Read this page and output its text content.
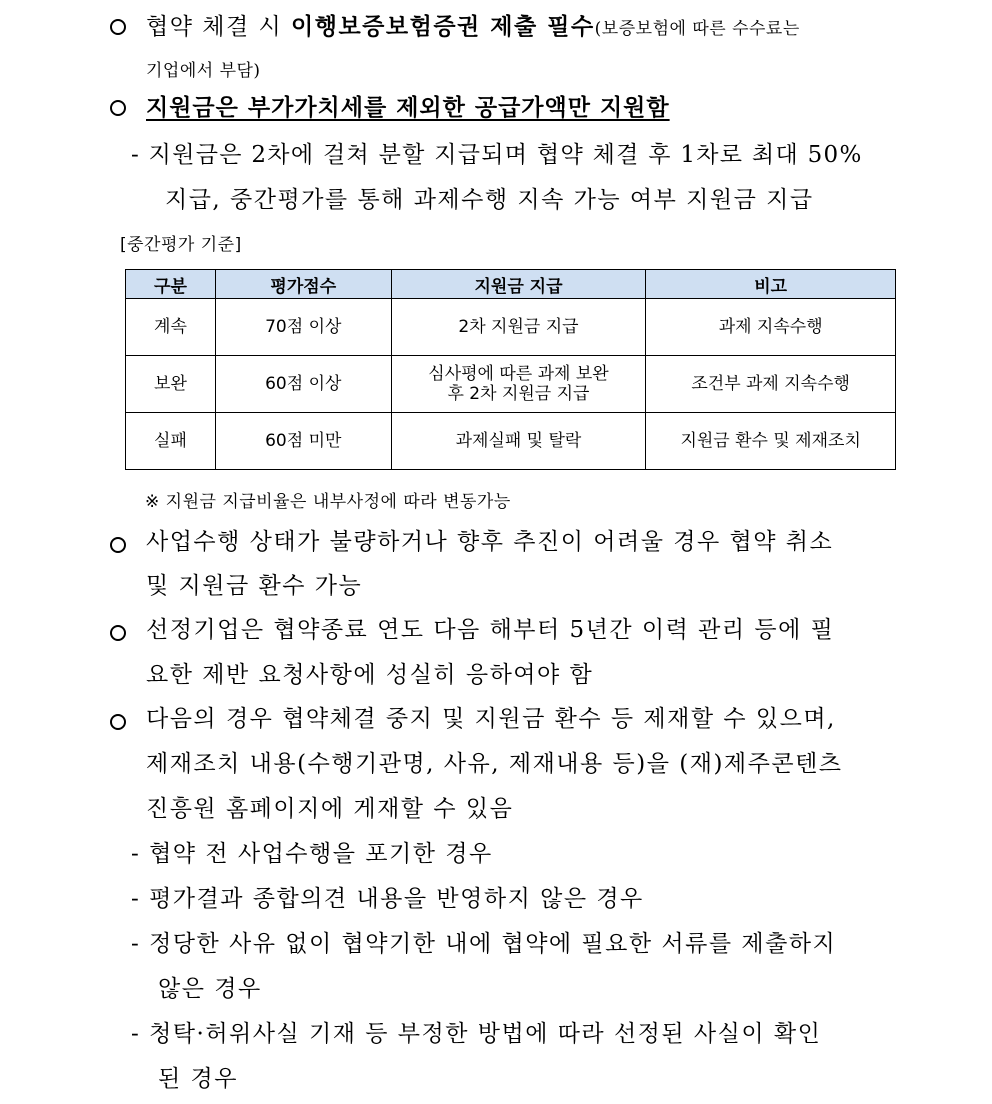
협약 체결 시 이행보증보험증권 제출 필수(보증보험에 따른 수수료는
기업에서 부담)
지원금은 부가가치세를 제외한 공급가액만 지원함
- 지원금은 2차에 걸쳐 분할 지급되며 협약 체결 후 1차로 최대 50%
지급, 중간평가를 통해 과제수행 지속 가능 여부 지원금 지급
[중간평가 기준]
구분	평가점수	지원금 지급	비고
계속	70점 이상	2차 지원금 지급	과제 지속수행
보완	60점 이상	심사평에 따른 과제 보완
후 2차 지원금 지급	조건부 과제 지속수행
실패	60점 미만	과제실패 및 탈락	지원금 환수 및 제재조치
※ 지원금 지급비율은 내부사정에 따라 변동가능
사업수행 상태가 불량하거나 향후 추진이 어려울 경우 협약 취소
및 지원금 환수 가능
선정기업은 협약종료 연도 다음 해부터 5년간 이력 관리 등에 필
요한 제반 요청사항에 성실히 응하여야 함
다음의 경우 협약체결 중지 및 지원금 환수 등 제재할 수 있으며,
제재조치 내용(수행기관명, 사유, 제재내용 등)을 (재)제주콘텐츠
진흥원 홈페이지에 게재할 수 있음
- 협약 전 사업수행을 포기한 경우
- 평가결과 종합의견 내용을 반영하지 않은 경우
- 정당한 사유 없이 협약기한 내에 협약에 필요한 서류를 제출하지
않은 경우
- 청탁·허위사실 기재 등 부정한 방법에 따라 선정된 사실이 확인
된 경우
